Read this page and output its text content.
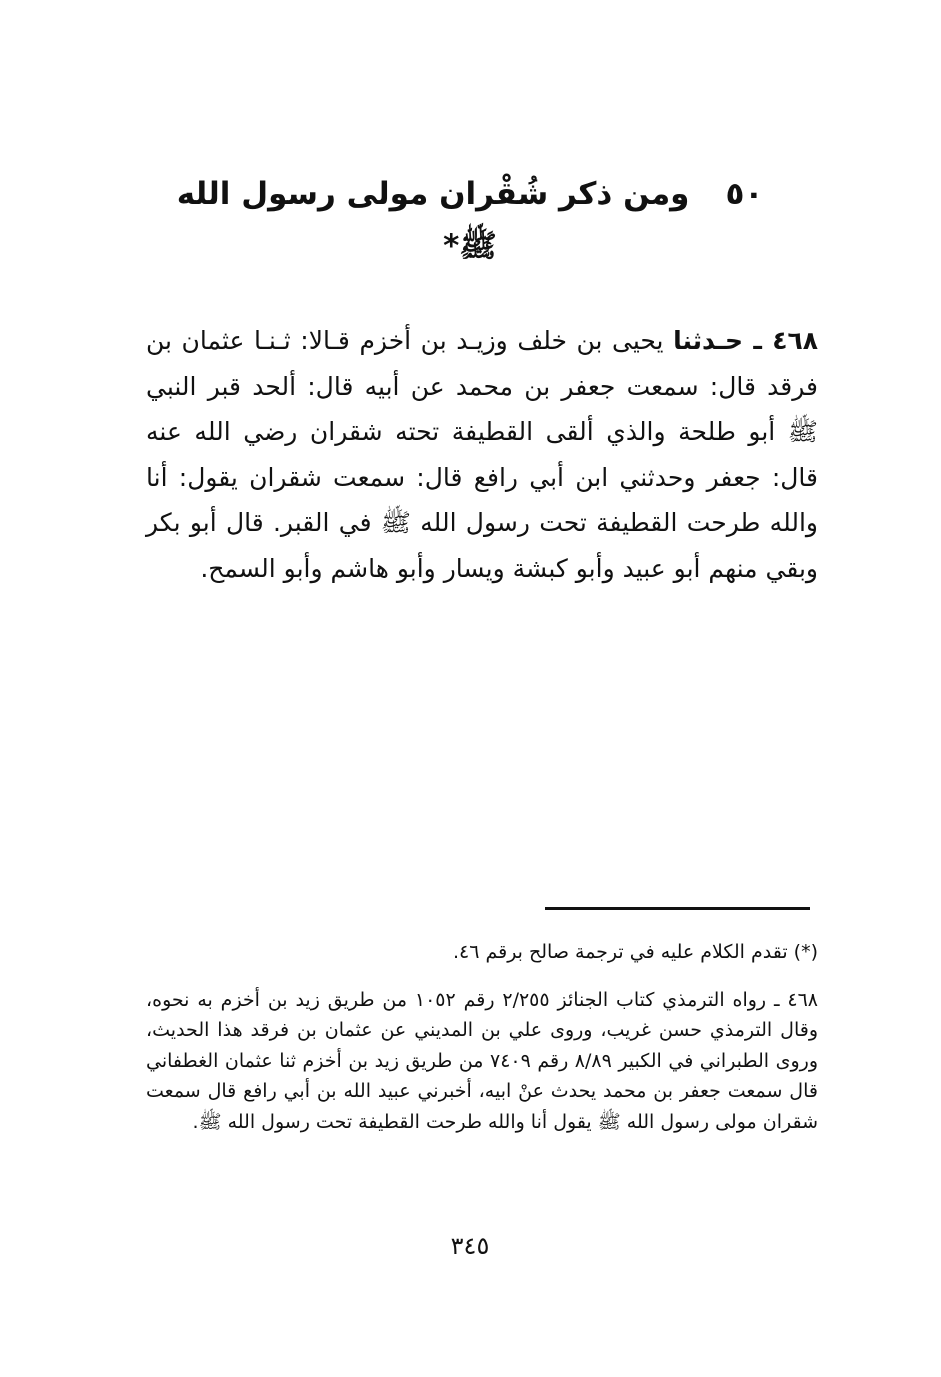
٥٠ومن ذكر شُقْران مولى رسول الله ﷺ*
٤٦٨ ـ حـدثنا يحيى بن خلف وزيـد بن أخزم قـالا: ثـنـا عثمان بن فرقد قال: سمعت جعفر بن محمد عن أبيه قال: ألحد قبر النبي ﷺ أبو طلحة والذي ألقى القطيفة تحته شقران رضي الله عنه قال: جعفر وحدثني ابن أبي رافع قال: سمعت شقران يقول: أنا والله طرحت القطيفة تحت رسول الله ﷺ في القبر. قال أبو بكر وبقي منهم أبو عبيد وأبو كبشة ويسار وأبو هاشم وأبو السمح.
(*) تقدم الكلام عليه في ترجمة صالح برقم ٤٦.
٤٦٨ ـ رواه الترمذي كتاب الجنائز ٢/٢٥٥ رقم ١٠٥٢ من طريق زيد بن أخزم به نحوه، وقال الترمذي حسن غريب، وروى علي بن المديني عن عثمان بن فرقد هذا الحديث، وروى الطبراني في الكبير ٨/٨٩ رقم ٧٤٠٩ من طريق زيد بن أخزم ثنا عثمان الغطفاني قال سمعت جعفر بن محمد يحدث عنْ ابيه، أخبرني عبيد الله بن أبي رافع قال سمعت شقران مولى رسول الله ﷺ يقول أنا والله طرحت القطيفة تحت رسول الله ﷺ.
٣٤٥
